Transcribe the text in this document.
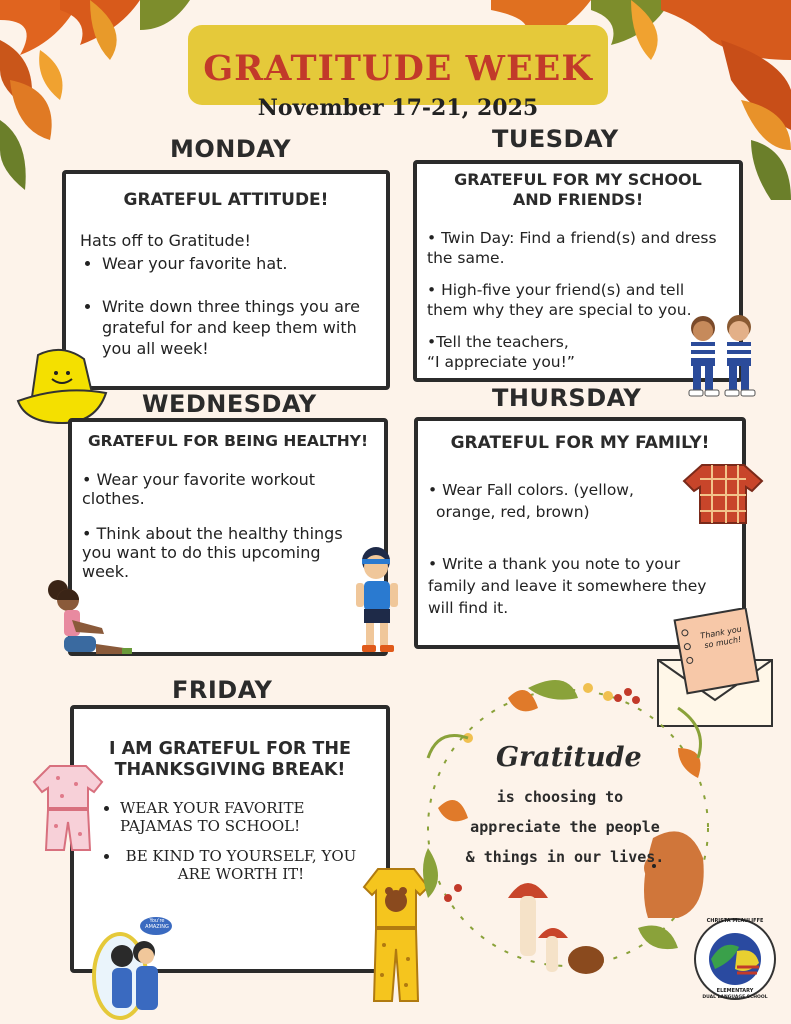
GRATITUDE WEEK
November 17-21, 2025
MONDAY
GRATEFUL ATTITUDE!
Hats off to Gratitude!
• Wear your favorite hat.
• Write down three things you are grateful for and keep them with you all week!
TUESDAY
GRATEFUL FOR MY SCHOOL AND FRIENDS!
• Twin Day: Find a friend(s) and dress the same.
• High-five your friend(s) and tell them why they are special to you.
•Tell the teachers,
“I appreciate you!”
WEDNESDAY
GRATEFUL FOR BEING HEALTHY!
• Wear your favorite workout clothes.
• Think about the healthy things you want to do this upcoming week.
THURSDAY
GRATEFUL FOR MY FAMILY!
• Wear Fall colors. (yellow,
orange, red, brown)
• Write a thank you note to your family and leave it somewhere they will find it.
Thank you so much!
FRIDAY
I AM GRATEFUL FOR THE THANKSGIVING BREAK!
• WEAR YOUR FAVORITE PAJAMAS TO SCHOOL!
• BE KIND TO YOURSELF, YOU ARE WORTH IT!
You're AMAZING
Gratitude
is choosing to
appreciate the people
& things in our lives.
CHRISTA McAULIFFE
ELEMENTARY
DUAL LANGUAGE SCHOOL
